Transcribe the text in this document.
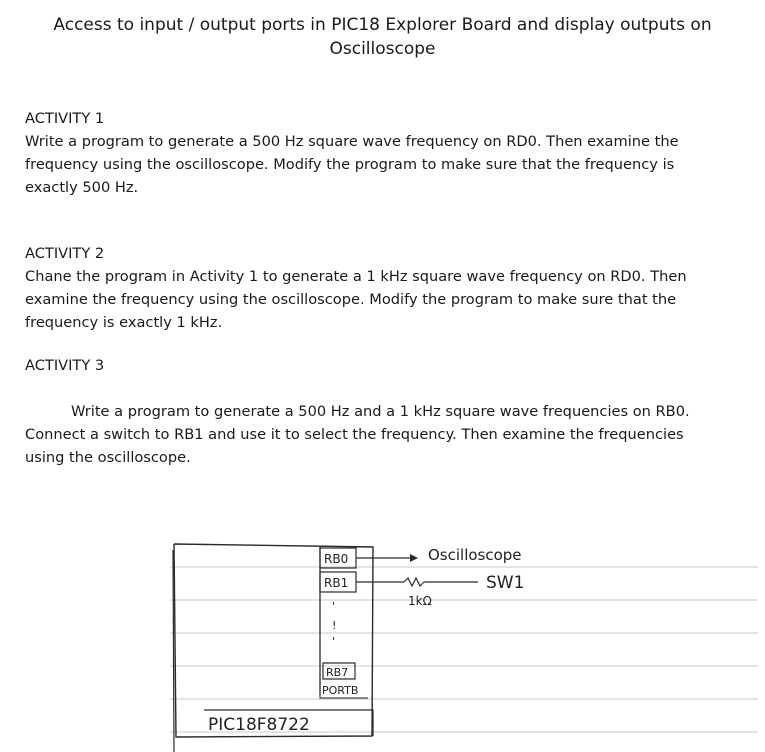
Access to input / output ports in PIC18 Explorer Board and display outputs on
Oscilloscope
ACTIVITY 1

Write a program to generate a 500 Hz square wave frequency on RD0. Then examine the frequency using the oscilloscope. Modify the program to make sure that the frequency is exactly 500 Hz.

ACTIVITY 2

Chane the program in Activity 1 to generate a 1 kHz square wave frequency on RD0. Then examine the frequency using the oscilloscope. Modify the program to make sure that the frequency is exactly 1 kHz.

ACTIVITY 3

Write a program to generate a 500 Hz and a 1 kHz square wave frequencies on RB0. Connect a switch to RB1 and use it to select the frequency. Then examine the frequencies using the oscilloscope.

RB0
RB1
'
!
'
RB7
PORTB
PIC18F8722
Oscilloscope
1kΩ
SW1
